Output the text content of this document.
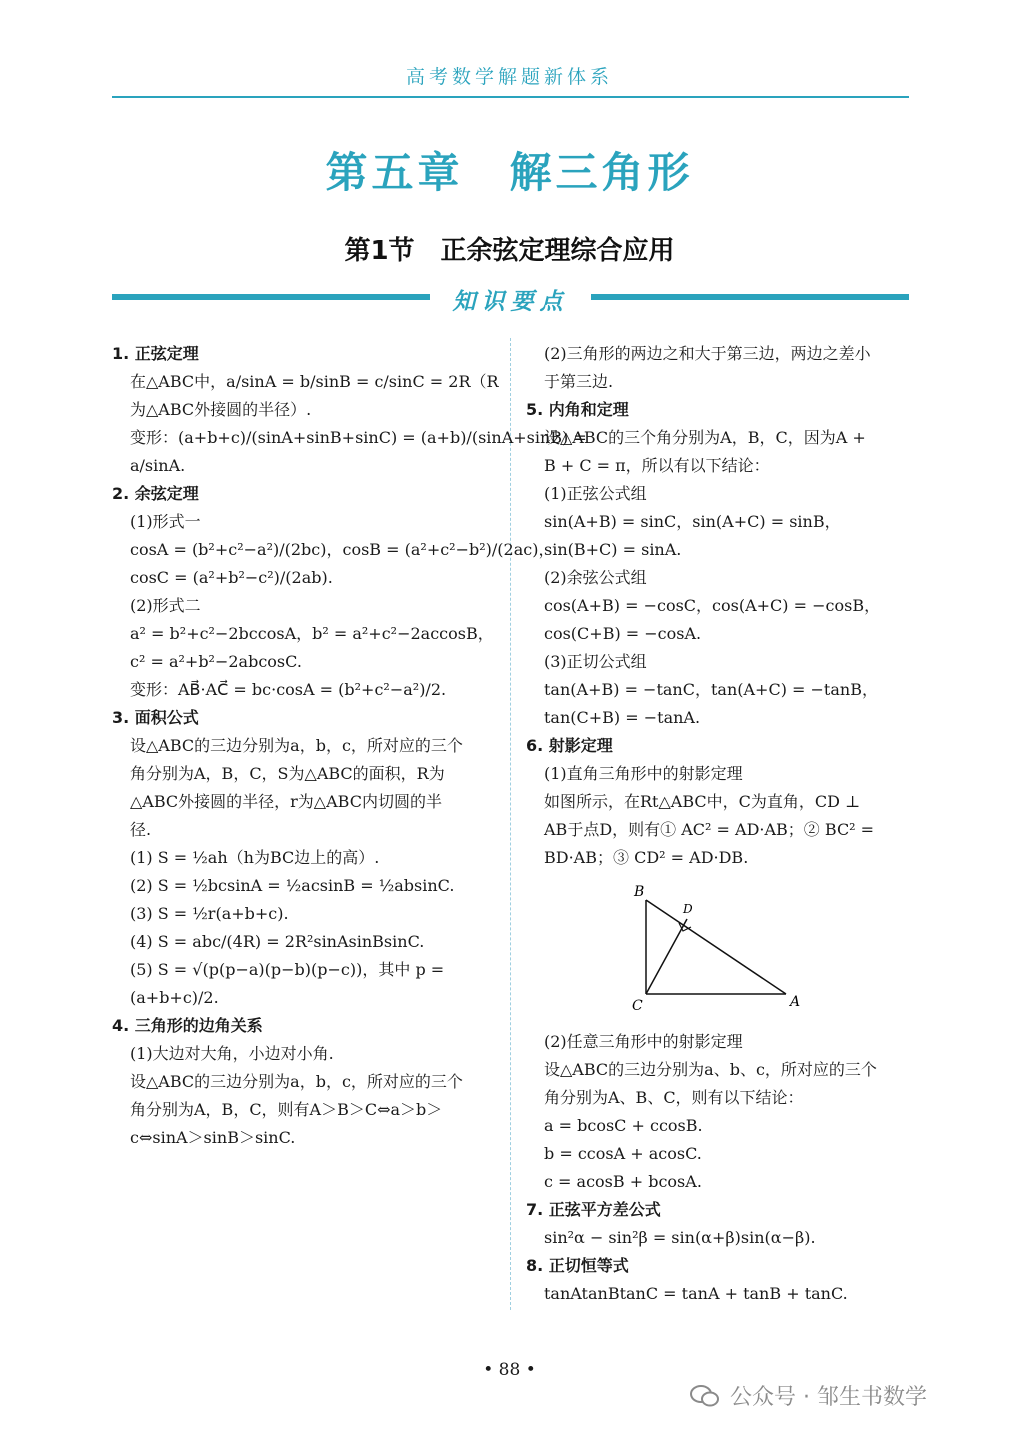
高考数学解题新体系
第五章　解三角形
第1节　正余弦定理综合应用
知识要点
1. 正弦定理
在△ABC中，a/sinA = b/sinB = c/sinC = 2R（R
为△ABC外接圆的半径）.
变形：(a+b+c)/(sinA+sinB+sinC) = (a+b)/(sinA+sinB) =
a/sinA.
2. 余弦定理
(1)形式一
cosA = (b²+c²−a²)/(2bc)，cosB = (a²+c²−b²)/(2ac)，
cosC = (a²+b²−c²)/(2ab).
(2)形式二
a² = b²+c²−2bccosA，b² = a²+c²−2accosB，
c² = a²+b²−2abcosC.
变形：AB⃗·AC⃗ = bc·cosA = (b²+c²−a²)/2.
3. 面积公式
设△ABC的三边分别为a，b，c，所对应的三个
角分别为A，B，C，S为△ABC的面积，R为
△ABC外接圆的半径，r为△ABC内切圆的半
径.
(1) S = ½ah（h为BC边上的高）.
(2) S = ½bcsinA = ½acsinB = ½absinC.
(3) S = ½r(a+b+c).
(4) S = abc/(4R) = 2R²sinAsinBsinC.
(5) S = √(p(p−a)(p−b)(p−c))，其中 p =
(a+b+c)/2.
4. 三角形的边角关系
(1)大边对大角，小边对小角.
设△ABC的三边分别为a，b，c，所对应的三个
角分别为A，B，C，则有A＞B＞C⇔a＞b＞
c⇔sinA＞sinB＞sinC.
(2)三角形的两边之和大于第三边，两边之差小
于第三边.
5. 内角和定理
设△ABC的三个角分别为A，B，C，因为A +
B + C = π，所以有以下结论：
(1)正弦公式组
sin(A+B) = sinC，sin(A+C) = sinB，
sin(B+C) = sinA.
(2)余弦公式组
cos(A+B) = −cosC，cos(A+C) = −cosB，
cos(C+B) = −cosA.
(3)正切公式组
tan(A+B) = −tanC，tan(A+C) = −tanB，
tan(C+B) = −tanA.
6. 射影定理
(1)直角三角形中的射影定理
如图所示，在Rt△ABC中，C为直角，CD ⊥
AB于点D，则有① AC² = AD·AB；② BC² =
BD·AB；③ CD² = AD·DB.
B
D
C	A
(2)任意三角形中的射影定理
设△ABC的三边分别为a、b、c，所对应的三个
角分别为A、B、C，则有以下结论：
a = bcosC + ccosB.
b = ccosA + acosC.
c = acosB + bcosA.
7. 正弦平方差公式
sin²α − sin²β = sin(α+β)sin(α−β).
8. 正切恒等式
tanAtanBtanC = tanA + tanB + tanC.
• 88 •
公众号 · 邹生书数学
